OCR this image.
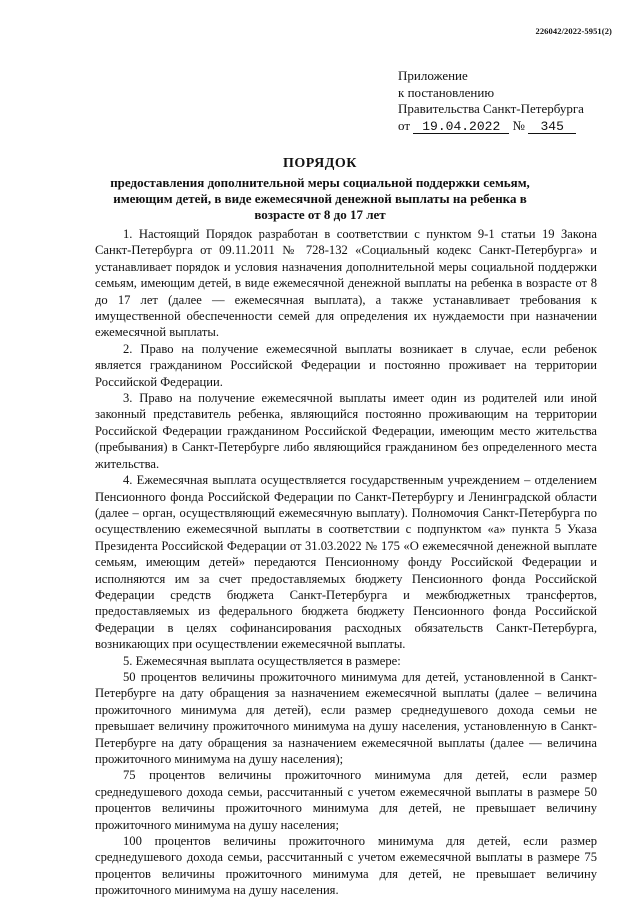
226042/2022-5951(2)
Приложение
к постановлению
Правительства Санкт-Петербурга
от 19.04.2022 № 345
ПОРЯДОК
предоставления дополнительной меры социальной поддержки семьям, имеющим детей, в виде ежемесячной денежной выплаты на ребенка в возрасте от 8 до 17 лет

1. Настоящий Порядок разработан в соответствии с пунктом 9-1 статьи 19 Закона Санкт-Петербурга от 09.11.2011 № 728-132 «Социальный кодекс Санкт-Петербурга» и устанавливает порядок и условия назначения дополнительной меры социальной поддержки семьям, имеющим детей, в виде ежемесячной денежной выплаты на ребенка в возрасте от 8 до 17 лет (далее — ежемесячная выплата), а также устанавливает требования к имущественной обеспеченности семей для определения их нуждаемости при назначении ежемесячной выплаты.

2. Право на получение ежемесячной выплаты возникает в случае, если ребенок является гражданином Российской Федерации и постоянно проживает на территории Российской Федерации.

3. Право на получение ежемесячной выплаты имеет один из родителей или иной законный представитель ребенка, являющийся постоянно проживающим на территории Российской Федерации гражданином Российской Федерации, имеющим место жительства (пребывания) в Санкт-Петербурге либо являющийся гражданином без определенного места жительства.

4. Ежемесячная выплата осуществляется государственным учреждением – отделением Пенсионного фонда Российской Федерации по Санкт-Петербургу и Ленинградской области (далее – орган, осуществляющий ежемесячную выплату). Полномочия Санкт-Петербурга по осуществлению ежемесячной выплаты в соответствии с подпунктом «а» пункта 5 Указа Президента Российской Федерации от 31.03.2022 № 175 «О ежемесячной денежной выплате семьям, имеющим детей» передаются Пенсионному фонду Российской Федерации и исполняются им за счет предоставляемых бюджету Пенсионного фонда Российской Федерации средств бюджета Санкт-Петербурга и межбюджетных трансфертов, предоставляемых из федерального бюджета бюджету Пенсионного фонда Российской Федерации в целях софинансирования расходных обязательств Санкт-Петербурга, возникающих при осуществлении ежемесячной выплаты.

5. Ежемесячная выплата осуществляется в размере:

50 процентов величины прожиточного минимума для детей, установленной в Санкт-Петербурге на дату обращения за назначением ежемесячной выплаты (далее – величина прожиточного минимума для детей), если размер среднедушевого дохода семьи не превышает величину прожиточного минимума на душу населения, установленную в Санкт-Петербурге на дату обращения за назначением ежемесячной выплаты (далее — величина прожиточного минимума на душу населения);

75 процентов величины прожиточного минимума для детей, если размер среднедушевого дохода семьи, рассчитанный с учетом ежемесячной выплаты в размере 50 процентов величины прожиточного минимума для детей, не превышает величину прожиточного минимума на душу населения;

100 процентов величины прожиточного минимума для детей, если размер среднедушевого дохода семьи, рассчитанный с учетом ежемесячной выплаты в размере 75 процентов величины прожиточного минимума для детей, не превышает величину прожиточного минимума на душу населения.
